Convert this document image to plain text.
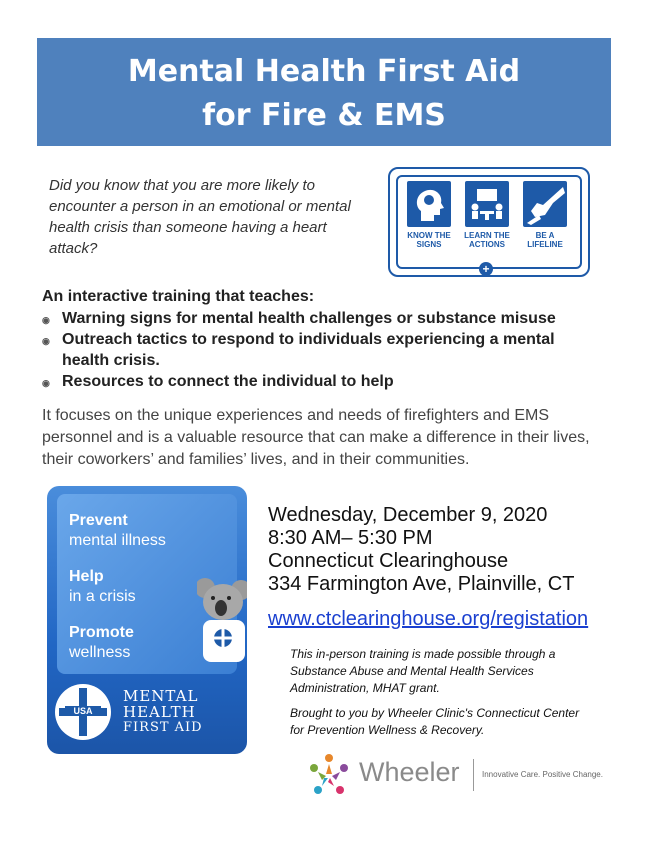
Mental Health First Aid
for Fire & EMS
Did you know that you are more likely to encounter a person in an emotional or mental health crisis than someone having a heart attack?
KNOW THE SIGNS
LEARN THE ACTIONS
BE A LIFELINE
+
An interactive training that teaches:
◉ Warning signs for mental health challenges or substance misuse
◉ Outreach tactics to respond to individuals experiencing a mental health crisis.
◉ Resources to connect the individual to help
It focuses on the unique experiences and needs of firefighters and EMS personnel and is a valuable resource that can make a difference in their lives, their coworkers’ and families’ lives, and in their communities.
Prevent
mental illness
Help
in a crisis
Promote
wellness
USA
MENTAL
HEALTH
FIRST AID
Wednesday, December 9, 2020
8:30 AM– 5:30 PM
Connecticut Clearinghouse
334 Farmington Ave, Plainville, CT
www.ctclearinghouse.org/registation

This in-person training is made possible through a Substance Abuse and Mental Health Services Administration, MHAT grant.

Brought to you by Wheeler Clinic's Connecticut Center for Prevention Wellness & Recovery.

Wheeler	Innovative Care. Positive Change.
